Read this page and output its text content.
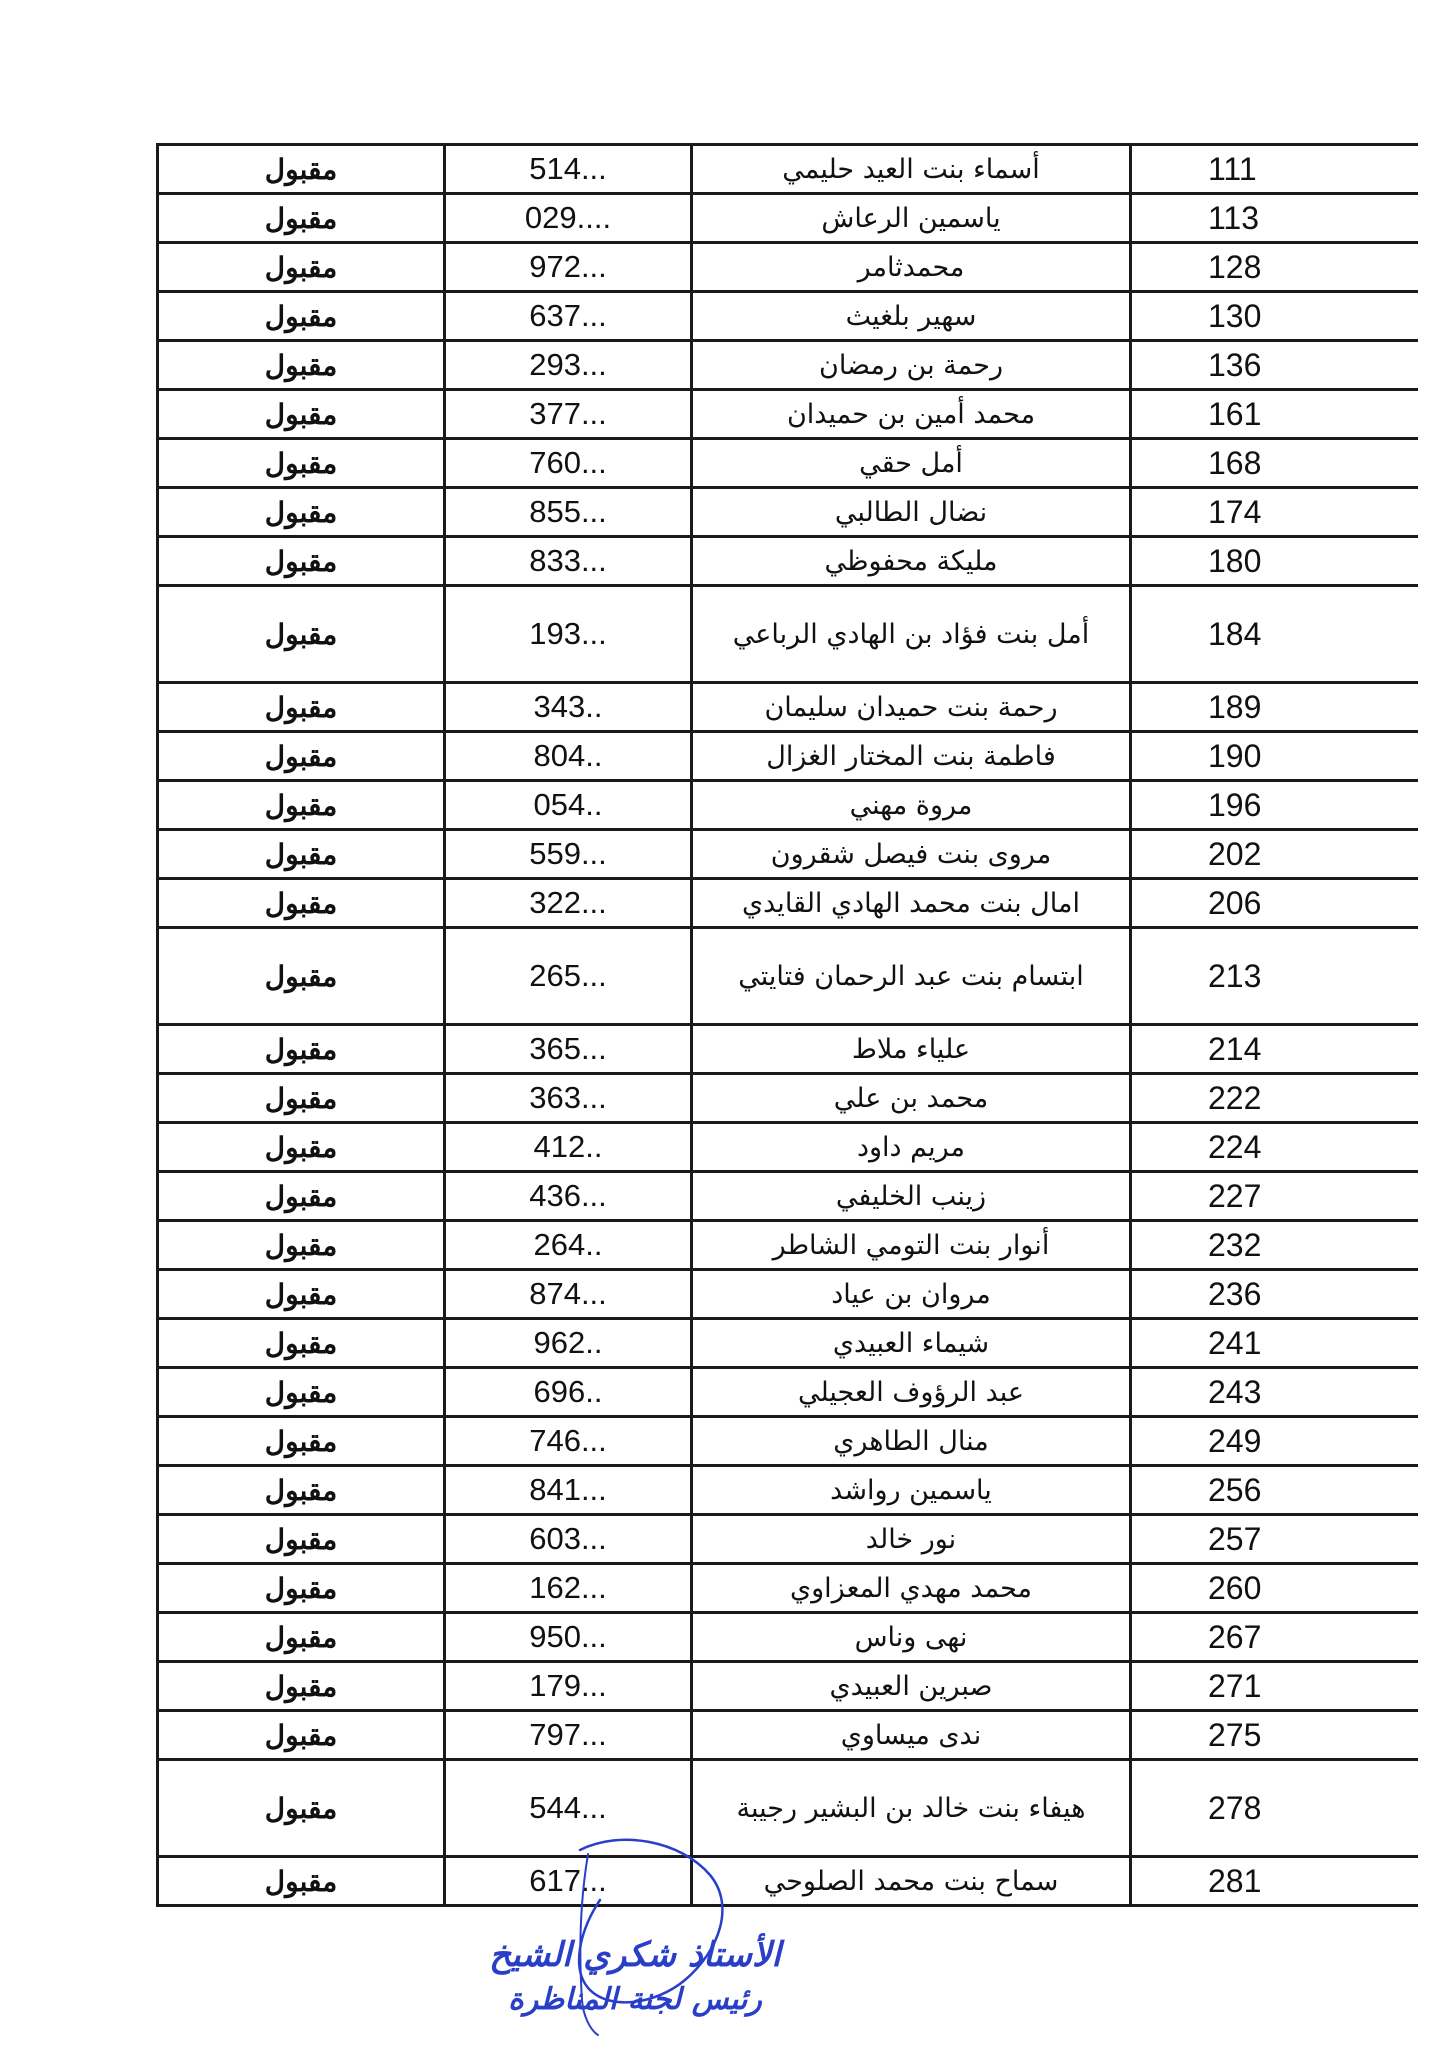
مقبول	514...	أسماء بنت العيد حليمي	111
مقبول	029....	ياسمين الرعاش	113
مقبول	972...	محمدثامر	128
مقبول	637...	سهير بلغيث	130
مقبول	293...	رحمة بن رمضان	136
مقبول	377...	محمد أمين بن حميدان	161
مقبول	760...	أمل حقي	168
مقبول	855...	نضال الطالبي	174
مقبول	833...	مليكة محفوظي	180
مقبول	193...	أمل بنت فؤاد بن الهادي الرباعي	184
مقبول	343..	رحمة بنت حميدان سليمان	189
مقبول	804..	فاطمة بنت المختار الغزال	190
مقبول	054..	مروة مهني	196
مقبول	559...	مروى بنت فيصل شقرون	202
مقبول	322...	امال بنت محمد الهادي القايدي	206
مقبول	265...	ابتسام بنت عبد الرحمان فتايتي	213
مقبول	365...	علياء ملاط	214
مقبول	363...	محمد بن علي	222
مقبول	412..	مريم داود	224
مقبول	436...	زينب الخليفي	227
مقبول	264..	أنوار بنت التومي الشاطر	232
مقبول	874...	مروان بن عياد	236
مقبول	962..	شيماء العبيدي	241
مقبول	696..	عبد الرؤوف العجيلي	243
مقبول	746...	منال الطاهري	249
مقبول	841...	ياسمين رواشد	256
مقبول	603...	نور خالد	257
مقبول	162...	محمد مهدي المعزاوي	260
مقبول	950...	نهى وناس	267
مقبول	179...	صبرين العبيدي	271
مقبول	797...	ندى ميساوي	275
مقبول	544...	هيفاء بنت خالد بن البشير رجيبة	278
مقبول	617...	سماح بنت محمد الصلوحي	281
الأستاذ شكري الشيخ
رئيس لجنة المناظرة
